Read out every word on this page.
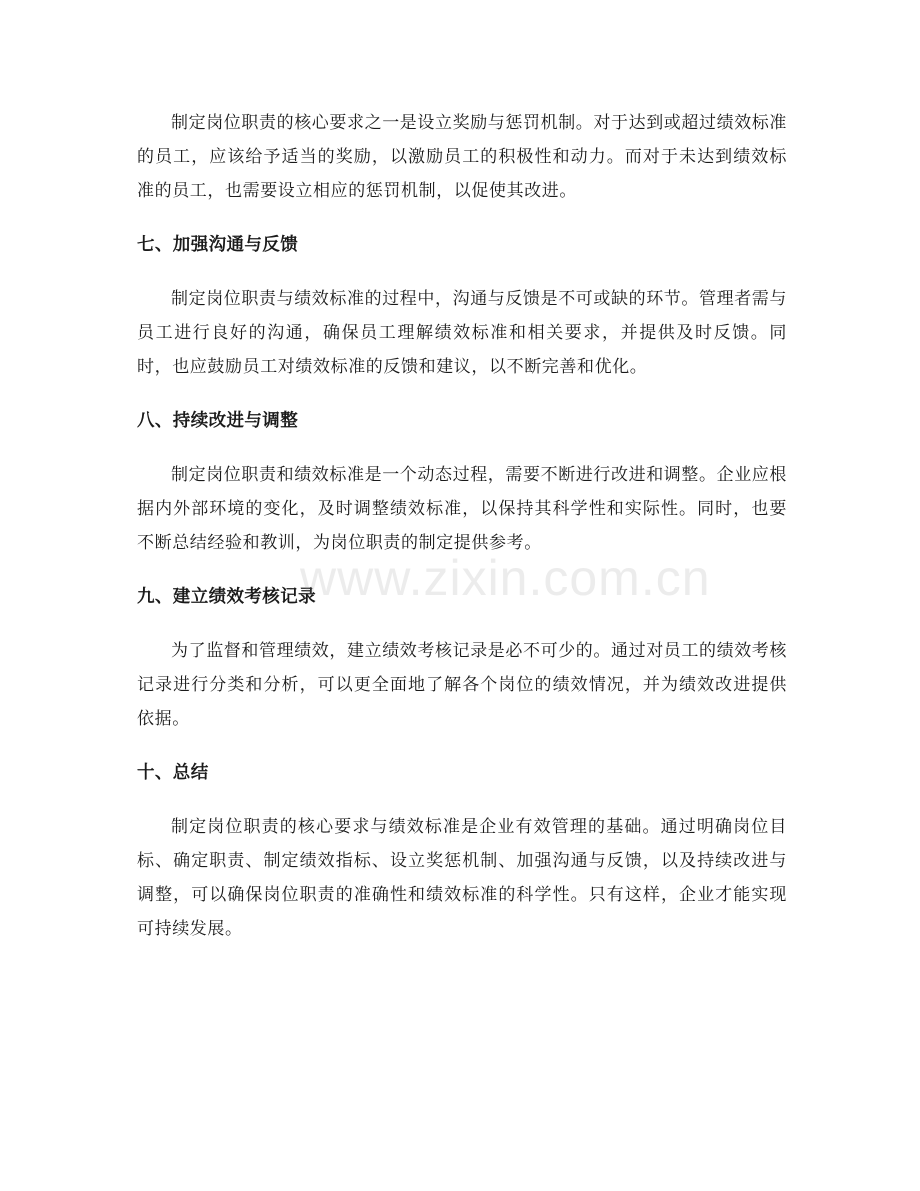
制定岗位职责的核心要求之一是设立奖励与惩罚机制。对于达到或超过绩效标准的员工，应该给予适当的奖励，以激励员工的积极性和动力。而对于未达到绩效标准的员工，也需要设立相应的惩罚机制，以促使其改进。

七、加强沟通与反馈

制定岗位职责与绩效标准的过程中，沟通与反馈是不可或缺的环节。管理者需与员工进行良好的沟通，确保员工理解绩效标准和相关要求，并提供及时反馈。同时，也应鼓励员工对绩效标准的反馈和建议，以不断完善和优化。

八、持续改进与调整

制定岗位职责和绩效标准是一个动态过程，需要不断进行改进和调整。企业应根据内外部环境的变化，及时调整绩效标准，以保持其科学性和实际性。同时，也要不断总结经验和教训，为岗位职责的制定提供参考。

九、建立绩效考核记录

为了监督和管理绩效，建立绩效考核记录是必不可少的。通过对员工的绩效考核记录进行分类和分析，可以更全面地了解各个岗位的绩效情况，并为绩效改进提供依据。

十、总结

制定岗位职责的核心要求与绩效标准是企业有效管理的基础。通过明确岗位目标、确定职责、制定绩效指标、设立奖惩机制、加强沟通与反馈，以及持续改进与调整，可以确保岗位职责的准确性和绩效标准的科学性。只有这样，企业才能实现可持续发展。

www.zixin.com.cn
